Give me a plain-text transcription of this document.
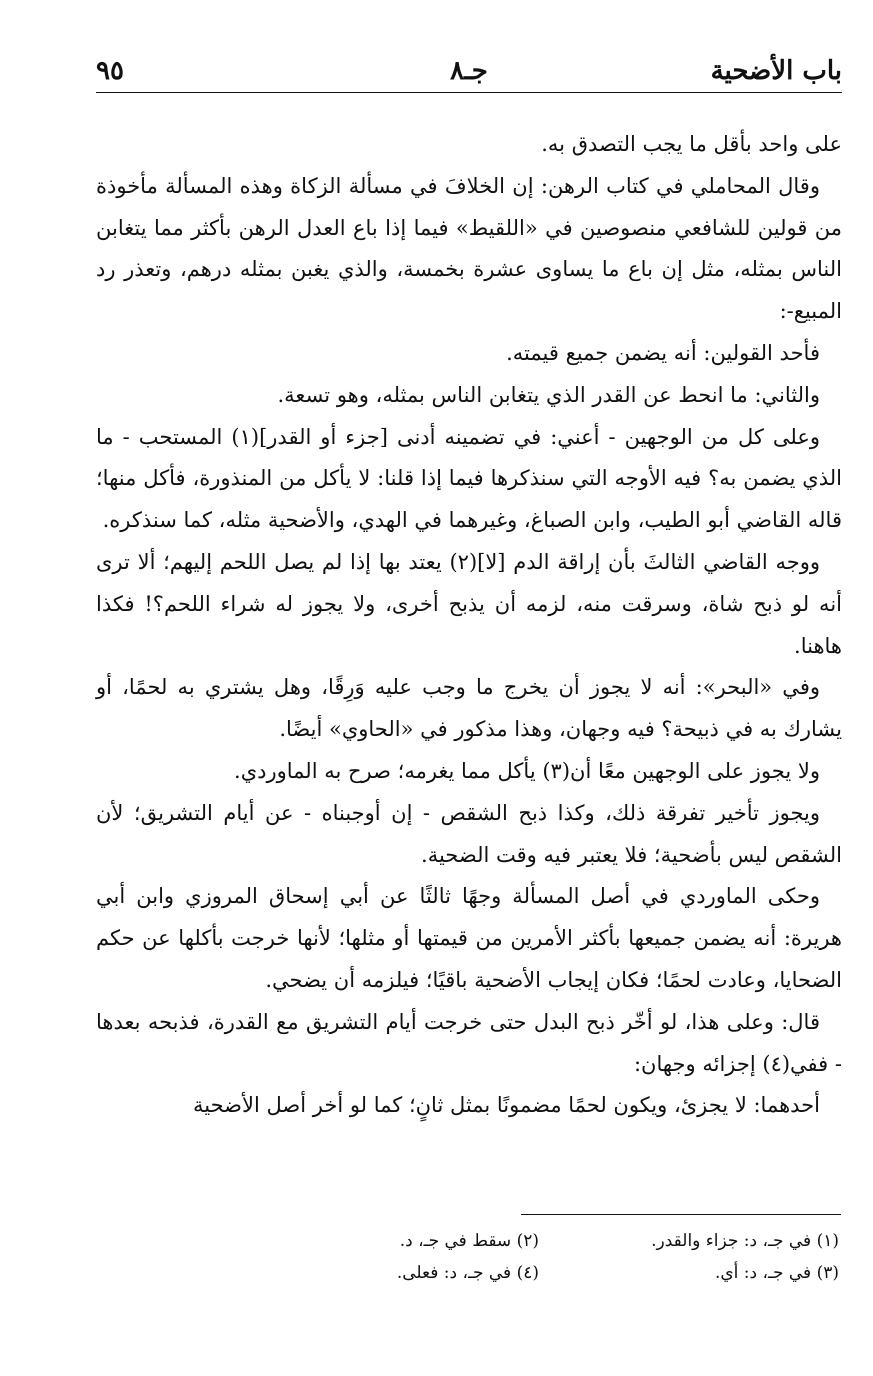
باب الأضحية
جـ٨
٩٥

على واحد بأقل ما يجب التصدق به.

وقال المحاملي في كتاب الرهن: إن الخلافَ في مسألة الزكاة وهذه المسألة مأخوذة من قولين للشافعي منصوصين في «اللقيط» فيما إذا باع العدل الرهن بأكثر مما يتغابن الناس بمثله، مثل إن باع ما يساوى عشرة بخمسة، والذي يغبن بمثله درهم، وتعذر رد المبيع-:

فأحد القولين: أنه يضمن جميع قيمته.

والثاني: ما انحط عن القدر الذي يتغابن الناس بمثله، وهو تسعة.

وعلى كل من الوجهين - أعني: في تضمينه أدنى [جزء أو القدر](١) المستحب - ما الذي يضمن به؟ فيه الأوجه التي سنذكرها فيما إذا قلنا: لا يأكل من المنذورة، فأكل منها؛ قاله القاضي أبو الطيب، وابن الصباغ، وغيرهما في الهدي، والأضحية مثله، كما سنذكره.

ووجه القاضي الثالثَ بأن إراقة الدم [لا](٢) يعتد بها إذا لم يصل اللحم إليهم؛ ألا ترى أنه لو ذبح شاة، وسرقت منه، لزمه أن يذبح أخرى، ولا يجوز له شراء اللحم؟! فكذا هاهنا.

وفي «البحر»: أنه لا يجوز أن يخرج ما وجب عليه وَرِقًا، وهل يشتري به لحمًا، أو يشارك به في ذبيحة؟ فيه وجهان، وهذا مذكور في «الحاوي» أيضًا.

ولا يجوز على الوجهين معًا أن(٣) يأكل مما يغرمه؛ صرح به الماوردي.

ويجوز تأخير تفرقة ذلك، وكذا ذبح الشقص - إن أوجبناه - عن أيام التشريق؛ لأن الشقص ليس بأضحية؛ فلا يعتبر فيه وقت الضحية.

وحكى الماوردي في أصل المسألة وجهًا ثالثًا عن أبي إسحاق المروزي وابن أبي هريرة: أنه يضمن جميعها بأكثر الأمرين من قيمتها أو مثلها؛ لأنها خرجت بأكلها عن حكم الضحايا، وعادت لحمًا؛ فكان إيجاب الأضحية باقيًا؛ فيلزمه أن يضحي.

قال: وعلى هذا، لو أخّر ذبح البدل حتى خرجت أيام التشريق مع القدرة، فذبحه بعدها - ففي(٤) إجزائه وجهان:

أحدهما: لا يجزئ، ويكون لحمًا مضمونًا بمثل ثانٍ؛ كما لو أخر أصل الأضحية

(١) في جـ، د: جزاء والقدر.
(٢) سقط في جـ، د.
(٣) في جـ، د: أي.
(٤) في جـ، د: فعلى.
